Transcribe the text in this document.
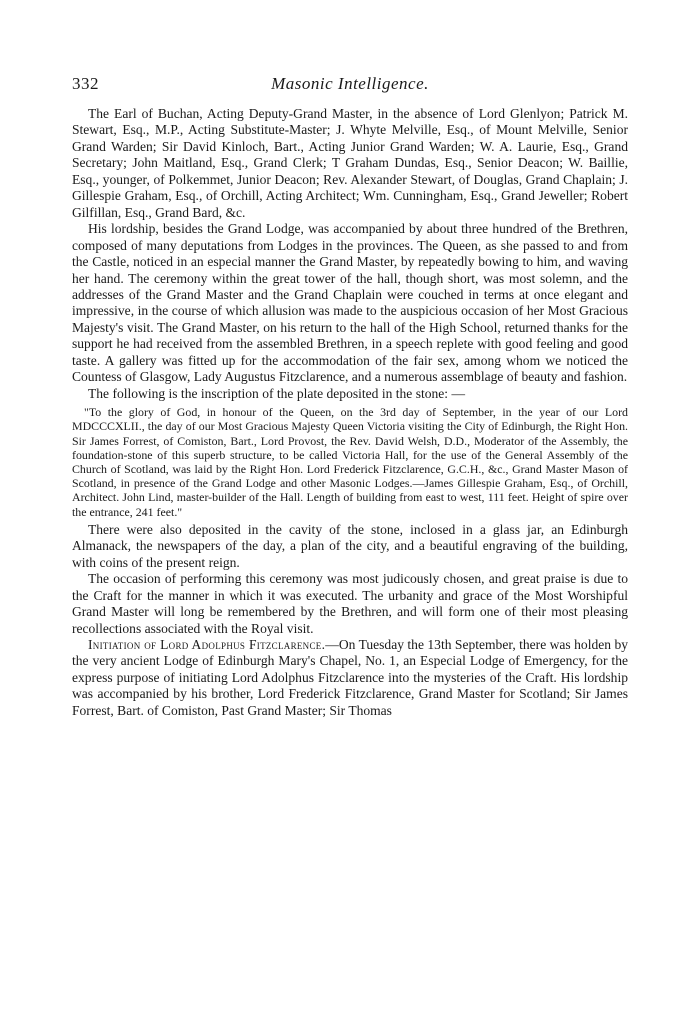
332	Masonic Intelligence.

The Earl of Buchan, Acting Deputy-Grand Master, in the absence of Lord Glenlyon; Patrick M. Stewart, Esq., M.P., Acting Substitute-Master; J. Whyte Melville, Esq., of Mount Melville, Senior Grand Warden; Sir David Kinloch, Bart., Acting Junior Grand Warden; W. A. Laurie, Esq., Grand Secretary; John Maitland, Esq., Grand Clerk; T Graham Dundas, Esq., Senior Deacon; W. Baillie, Esq., younger, of Polkemmet, Junior Deacon; Rev. Alexander Stewart, of Douglas, Grand Chaplain; J. Gillespie Graham, Esq., of Orchill, Acting Architect; Wm. Cunningham, Esq., Grand Jeweller; Robert Gilfillan, Esq., Grand Bard, &c.

His lordship, besides the Grand Lodge, was accompanied by about three hundred of the Brethren, composed of many deputations from Lodges in the provinces. The Queen, as she passed to and from the Castle, noticed in an especial manner the Grand Master, by repeatedly bowing to him, and waving her hand. The ceremony within the great tower of the hall, though short, was most solemn, and the addresses of the Grand Master and the Grand Chaplain were couched in terms at once elegant and impressive, in the course of which allusion was made to the auspicious occasion of her Most Gracious Majesty's visit. The Grand Master, on his return to the hall of the High School, returned thanks for the support he had received from the assembled Brethren, in a speech replete with good feeling and good taste. A gallery was fitted up for the accommodation of the fair sex, among whom we noticed the Countess of Glasgow, Lady Augustus Fitzclarence, and a numerous assemblage of beauty and fashion.

The following is the inscription of the plate deposited in the stone: —

"To the glory of God, in honour of the Queen, on the 3rd day of September, in the year of our Lord MDCCCXLII., the day of our Most Gracious Majesty Queen Victoria visiting the City of Edinburgh, the Right Hon. Sir James Forrest, of Comiston, Bart., Lord Provost, the Rev. David Welsh, D.D., Moderator of the Assembly, the foundation-stone of this superb structure, to be called Victoria Hall, for the use of the General Assembly of the Church of Scotland, was laid by the Right Hon. Lord Frederick Fitzclarence, G.C.H., &c., Grand Master Mason of Scotland, in presence of the Grand Lodge and other Masonic Lodges.—James Gillespie Graham, Esq., of Orchill, Architect. John Lind, master-builder of the Hall. Length of building from east to west, 111 feet. Height of spire over the entrance, 241 feet."

There were also deposited in the cavity of the stone, inclosed in a glass jar, an Edinburgh Almanack, the newspapers of the day, a plan of the city, and a beautiful engraving of the building, with coins of the present reign.

The occasion of performing this ceremony was most judicously chosen, and great praise is due to the Craft for the manner in which it was executed. The urbanity and grace of the Most Worshipful Grand Master will long be remembered by the Brethren, and will form one of their most pleasing recollections associated with the Royal visit.

Initiation of Lord Adolphus Fitzclarence.—On Tuesday the 13th September, there was holden by the very ancient Lodge of Edinburgh Mary's Chapel, No. 1, an Especial Lodge of Emergency, for the express purpose of initiating Lord Adolphus Fitzclarence into the mysteries of the Craft. His lordship was accompanied by his brother, Lord Frederick Fitzclarence, Grand Master for Scotland; Sir James Forrest, Bart. of Comiston, Past Grand Master; Sir Thomas
